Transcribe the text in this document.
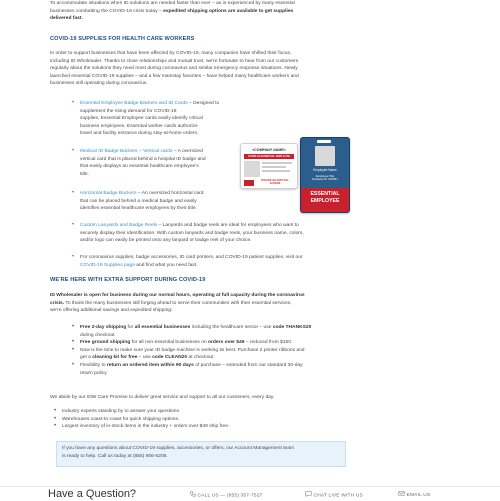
To accommodate situations when ID solutions are needed faster than ever – as is experienced by many essential

businesses combatting the COVID-19 crisis today – expedited shipping options are available to get supplies

delivered fast.

COVID-19 SUPPLIES FOR HEALTH CARE WORKERS

In order to support businesses that have been affected by COVID-19, many companies have shifted their focus,

including ID Wholesaler. Thanks to close relationships and mutual trust, we're fortunate to hear from our customers

regularly about the solutions they need most during coronavirus and similar emergency response situations. Newly

launched essential COVID-19 supplies – and a few mainstay favorites – have helped many healthcare workers and

businesses still operating during coronavirus.

• Essential Employee Badge Backers and ID Cards – Designed to supplement the rising demand for COVID-19
supplies, Essential Employee cards easily identify critical
business employees. Essential worker cards authorize
travel and facility entrance during stay-at-home orders.
• Medical ID Badge Backers – Vertical cards – A oversized
vertical card that is placed behind a hospital ID badge and
that easily displays an essential healthcare employee's
title.
• Horizontal Badge Backers – An oversized horizontal card
that can be placed behind a medical badge and easily
identifies essential healthcare employees by their title.
• Custom Lanyards and Badge Reels – Lanyards and badge reels are ideal for employees who want to
securely display their identification. With custom lanyards and badge reels, your business name, colors,
and/or logo can easily be printed onto any lanyard or badge reel of your choice.
• For coronavirus supplies, badge accessories, ID card printers, and COVID-19 patient supplies, visit our
COVID-19 Supplies page and find what you need fast.
<COMPANY NAME>
COVID-19 ESSENTIAL EMPLOYEE
PLEASE ALLOW FULL ACCESS
Employee Name
Employee Title
Employee ID: 1234567
ESSENTIAL
EMPLOYEE
WE'RE HERE WITH EXTRA SUPPORT DURING COVID-19

ID Wholesaler is open for business during our normal hours, operating at full capacity during the coronavirus

crisis. To thank the many businesses still forging ahead to serve their communities with their essential services,

we're offering additional savings and expedited shipping:

• Free 2-day shipping for all essential businesses including the healthcare sector – use code THANKS20
during checkout
• Free ground shipping for all non-essential businesses on orders over $49 – reduced from $150
• Now is the time to make sure your ID badge machine is working its best. Purchase 2 printer ribbons and
get a cleaning kit for free – use code CLEAN20 at checkout
• Flexibility to return an ordered item within 90 days of purchase – extended from our standard 30-day
return policy
We abide by our IDW Care Promise to deliver great service and support to all our customers, every day.
• Industry experts standing by to answer your questions.
• Warehouses coast-to-coast for quick shipping options.
• Largest inventory of in-stock items in the industry + orders over $49 ship free.

If you have any questions about COVID-19 supplies, accessories, or offers, our Account Management team

is ready to help. Call us today at (855) 906-5205.

Have a Question?	CALL US — (855) 357-7527	CHAT LIVE WITH US	EMAIL US
